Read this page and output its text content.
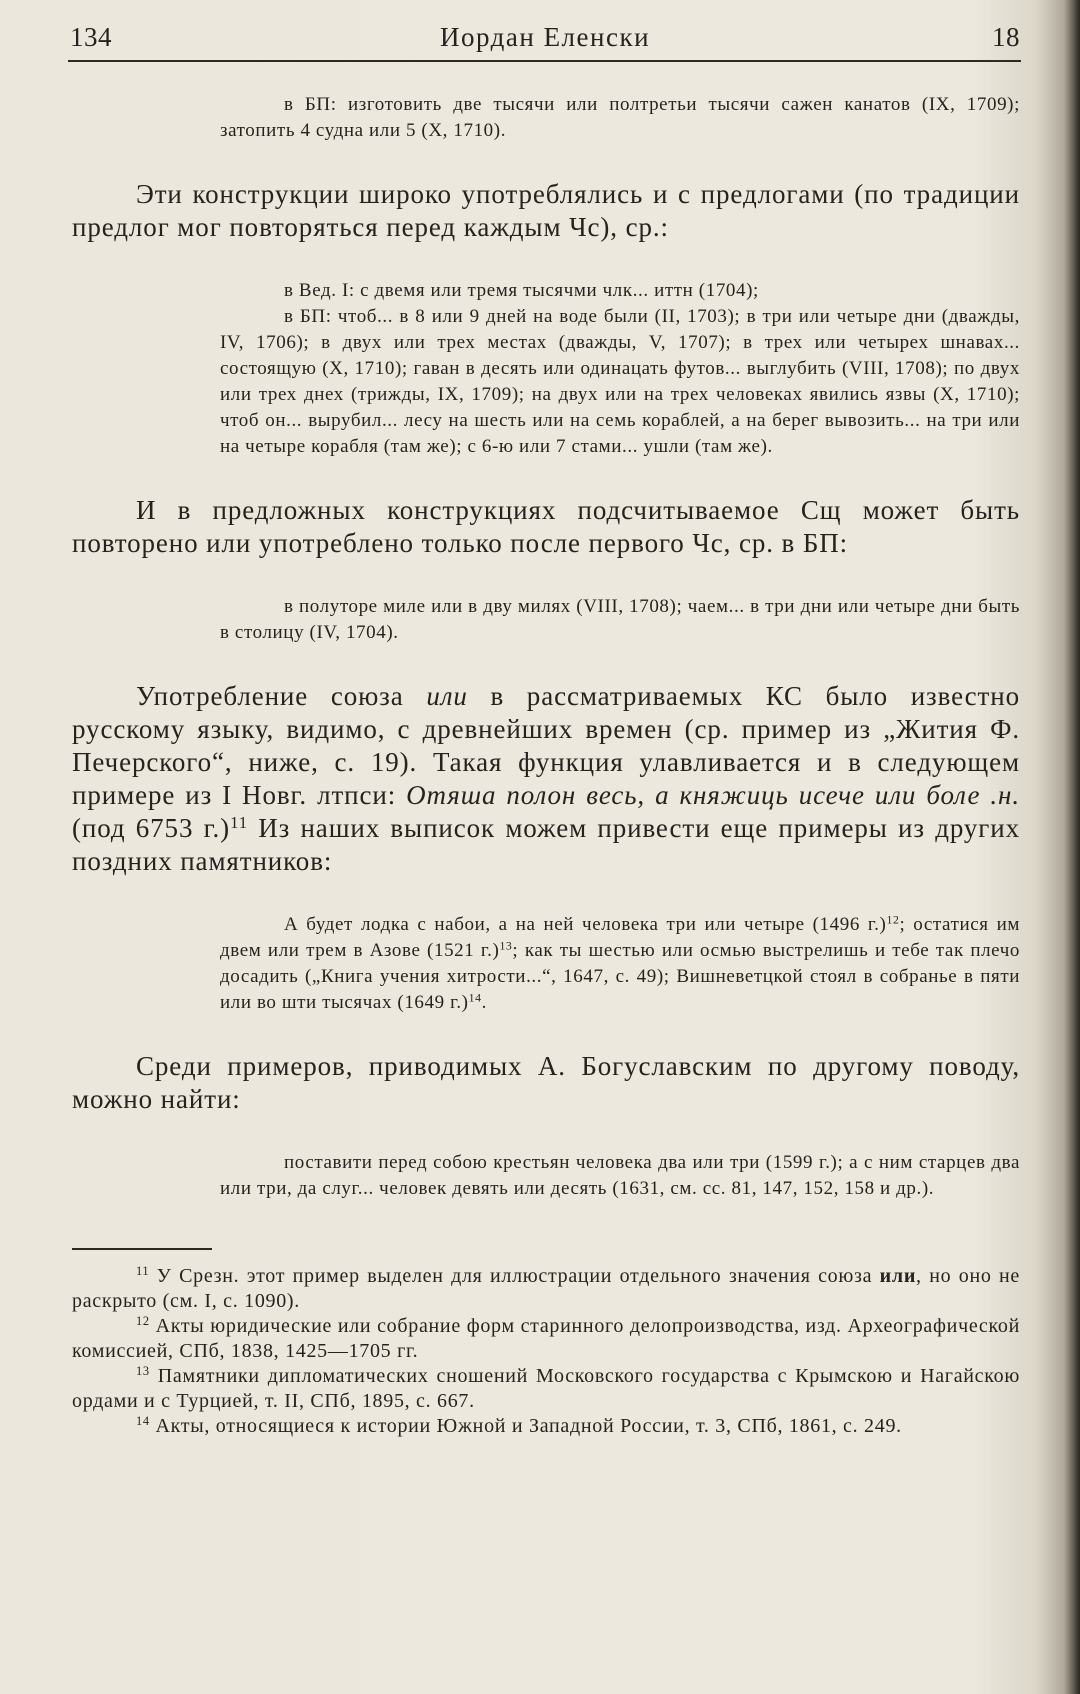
134	Иордан Еленски	18

в БП: изготовить две тысячи или полтретьи тысячи сажен канатов (IX, 1709); затопить 4 судна или 5 (X, 1710).

Эти конструкции широко употреблялись и с предлогами (по традиции предлог мог повторяться перед каждым Чс), ср.:

в Вед. I: с двемя или тремя тысячми члк... иттн (1704);

в БП: чтоб... в 8 или 9 дней на воде были (II, 1703); в три или четыре дни (дважды, IV, 1706); в двух или трех местах (дважды, V, 1707); в трех или четырех шнавах... состоящую (X, 1710); гаван в десять или одинацать футов... выглубить (VIII, 1708); по двух или трех днех (трижды, IX, 1709); на двух или на трех человеках явились язвы (X, 1710); чтоб он... вырубил... лесу на шесть или на семь кораблей, а на берег вывозить... на три или на четыре корабля (там же); с 6-ю или 7 стами... ушли (там же).

И в предложных конструкциях подсчитываемое Сщ может быть повторено или употреблено только после первого Чс, ср. в БП:

в полуторе миле или в дву милях (VIII, 1708); чаем... в три дни или четыре дни быть в столицу (IV, 1704).

Употребление союза или в рассматриваемых КС было известно русскому языку, видимо, с древнейших времен (ср. пример из „Жития Ф. Печерского“, ниже, с. 19). Такая функция улавливается и в следующем примере из I Новг. лтпси: Отяша полон весь, а княжиць исече или боле .н. (под 6753 г.)$^{11}$ Из наших выписок можем привести еще примеры из других поздних памятников:

А будет лодка с набои, а на ней человека три или четыре (1496 г.)$^{12}$; остатися им двем или трем в Азове (1521 г.)$^{13}$; как ты шестью или осмью выстрелишь и тебе так плечо досадить („Книга учения хитрости...“, 1647, с. 49); Вишневетцкой стоял в собранье в пяти или во шти тысячах (1649 г.)$^{14}$.

Среди примеров, приводимых А. Богуславским по другому поводу, можно найти:

поставити перед собою крестьян человека два или три (1599 г.); а с ним старцев два или три, да слуг... человек девять или десять (1631, см. сс. 81, 147, 152, 158 и др.).

$^{11}$ У Срезн. этот пример выделен для иллюстрации отдельного значения союза или, но оно не раскрыто (см. I, с. 1090).

$^{12}$ Акты юридические или собрание форм старинного делопроизводства, изд. Археографической комиссией, СПб, 1838, 1425—1705 гг.

$^{13}$ Памятники дипломатических сношений Московского государства с Крымскою и Нагайскою ордами и с Турцией, т. II, СПб, 1895, с. 667.

$^{14}$ Акты, относящиеся к истории Южной и Западной России, т. 3, СПб, 1861, с. 249.
